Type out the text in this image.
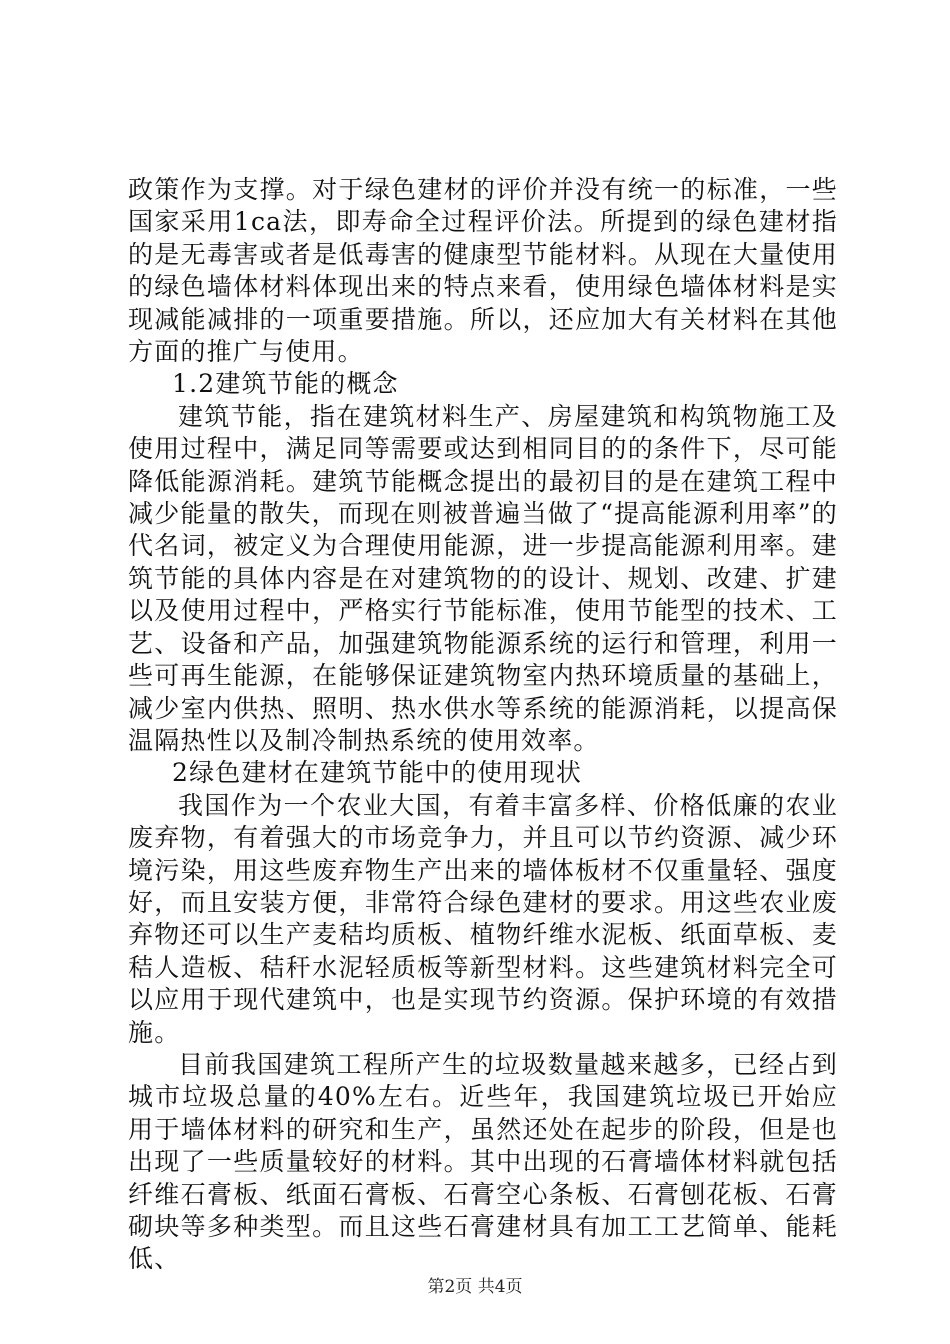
政策作为支撑。对于绿色建材的评价并没有统一的标准，一些国家采用1ca法，即寿命全过程评价法。所提到的绿色建材指的是无毒害或者是低毒害的健康型节能材料。从现在大量使用的绿色墙体材料体现出来的特点来看，使用绿色墙体材料是实现减能减排的一项重要措施。所以，还应加大有关材料在其他方面的推广与使用。

1.2建筑节能的概念

建筑节能，指在建筑材料生产、房屋建筑和构筑物施工及使用过程中，满足同等需要或达到相同目的的条件下，尽可能降低能源消耗。建筑节能概念提出的最初目的是在建筑工程中减少能量的散失，而现在则被普遍当做了“提高能源利用率”的代名词，被定义为合理使用能源，进一步提高能源利用率。建筑节能的具体内容是在对建筑物的的设计、规划、改建、扩建以及使用过程中，严格实行节能标准，使用节能型的技术、工艺、设备和产品，加强建筑物能源系统的运行和管理，利用一些可再生能源，在能够保证建筑物室内热环境质量的基础上，减少室内供热、照明、热水供水等系统的能源消耗，以提高保温隔热性以及制冷制热系统的使用效率。

2绿色建材在建筑节能中的使用现状

我国作为一个农业大国，有着丰富多样、价格低廉的农业废弃物，有着强大的市场竞争力，并且可以节约资源、减少环境污染，用这些废弃物生产出来的墙体板材不仅重量轻、强度好，而且安装方便，非常符合绿色建材的要求。用这些农业废弃物还可以生产麦秸均质板、植物纤维水泥板、纸面草板、麦秸人造板、秸秆水泥轻质板等新型材料。这些建筑材料完全可以应用于现代建筑中，也是实现节约资源。保护环境的有效措施。

目前我国建筑工程所产生的垃圾数量越来越多，已经占到城市垃圾总量的40%左右。近些年，我国建筑垃圾已开始应用于墙体材料的研究和生产，虽然还处在起步的阶段，但是也出现了一些质量较好的材料。其中出现的石膏墙体材料就包括纤维石膏板、纸面石膏板、石膏空心条板、石膏刨花板、石膏砌块等多种类型。而且这些石膏建材具有加工工艺简单、能耗低、

第2页 共4页
